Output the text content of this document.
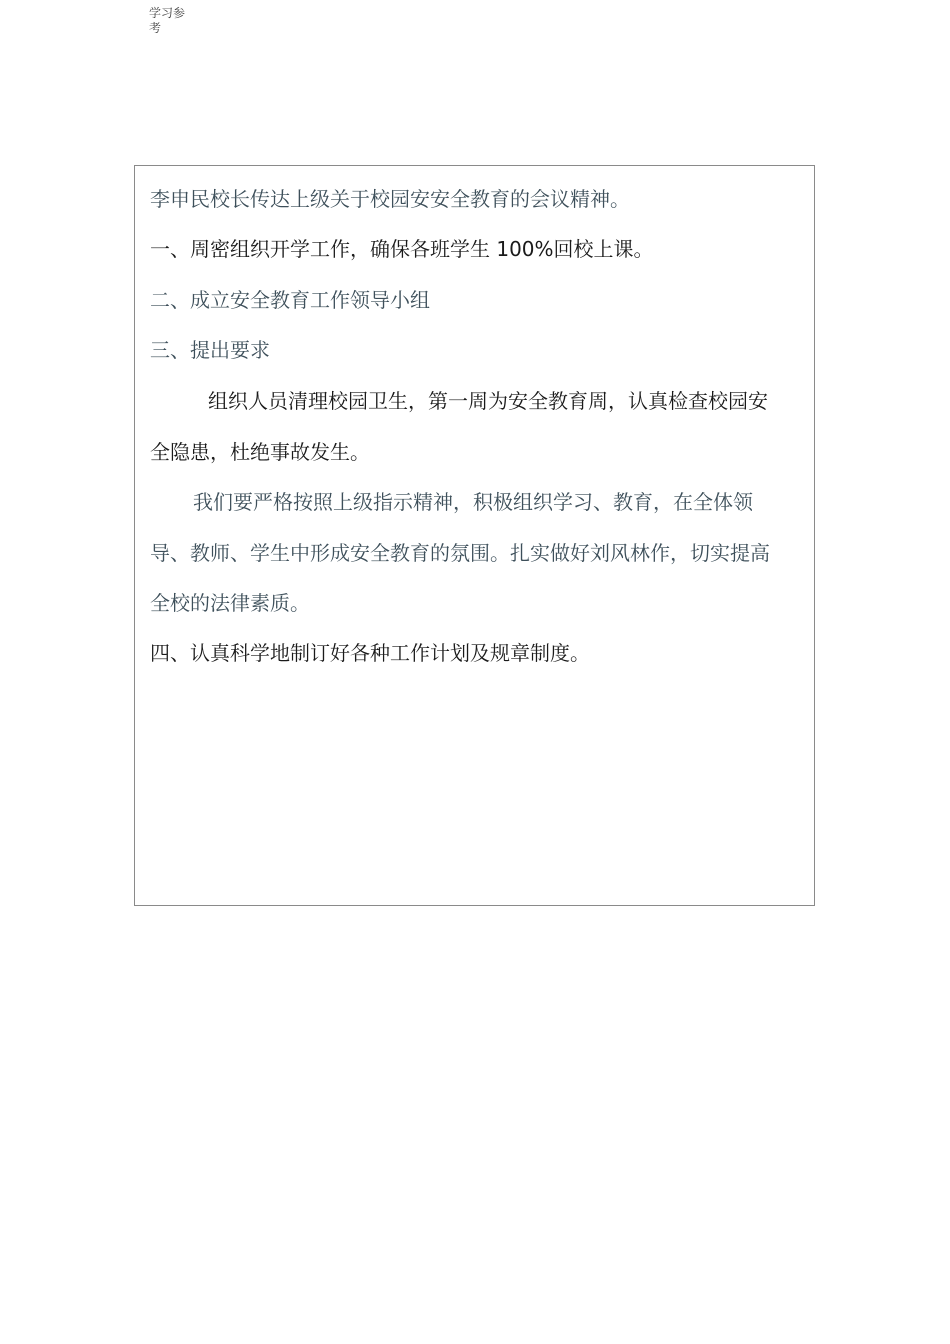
学习参
考
李申民校长传达上级关于校园安安全教育的会议精神。
一、周密组织开学工作，确保各班学生 100%回校上课。
二、成立安全教育工作领导小组
三、提出要求
组织人员清理校园卫生，第一周为安全教育周，认真检查校园安
全隐患，杜绝事故发生。
我们要严格按照上级指示精神，积极组织学习、教育，在全体领
导、教师、学生中形成安全教育的氛围。扎实做好刘风林作，切实提高
全校的法律素质。
四、认真科学地制订好各种工作计划及规章制度。
